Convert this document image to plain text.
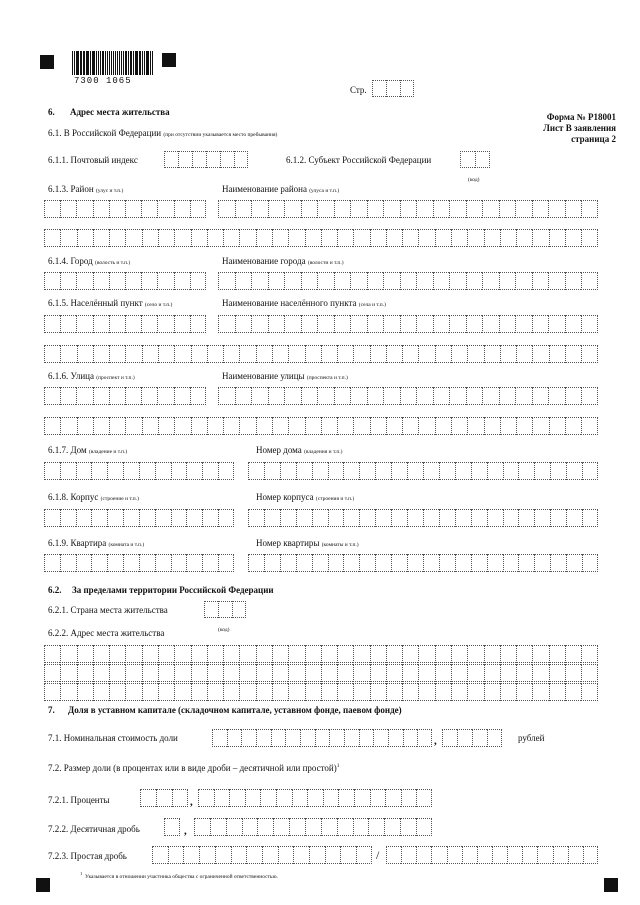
7300 1065
Стр.
Форма № Р18001
Лист В заявления
страница 2
6. Адрес места жительства
6.1. В Российской Федерации (при отсутствии указывается место пребывания)
6.1.1. Почтовый индекс	6.1.2. Субъект Российской Федерации
(код)
6.1.3. Район (улус и т.п.)	Наименование района (улуса и т.п.)
6.1.4. Город (волость и т.п.)	Наименование города (волости и т.п.)
6.1.5. Населённый пункт (село и т.п.)	Наименование населённого пункта (села и т.п.)
6.1.6. Улица (проспект и т.п.)	Наименование улицы (проспекта и т.п.)
6.1.7. Дом (владение и т.п.)	Номер дома (владения и т.п.)
6.1.8. Корпус (строение и т.п.)	Номер корпуса (строения и т.п.)
6.1.9. Квартира (комната и т.п.)	Номер квартиры (комнаты и т.п.)
6.2. За пределами территории Российской Федерации
6.2.1. Страна места жительства
(код)
6.2.2. Адрес места жительства
7. Доля в уставном капитале (складочном капитале, уставном фонде, паевом фонде)
7.1. Номинальная стоимость доли	,	рублей
7.2. Размер доли (в процентах или в виде дроби – десятичной или простой)$^1$
7.2.1. Проценты	,
7.2.2. Десятичная дробь	,
7.2.3. Простая дробь	/
$^1$  Указывается в отношении участника общества с ограниченной ответственностью.
